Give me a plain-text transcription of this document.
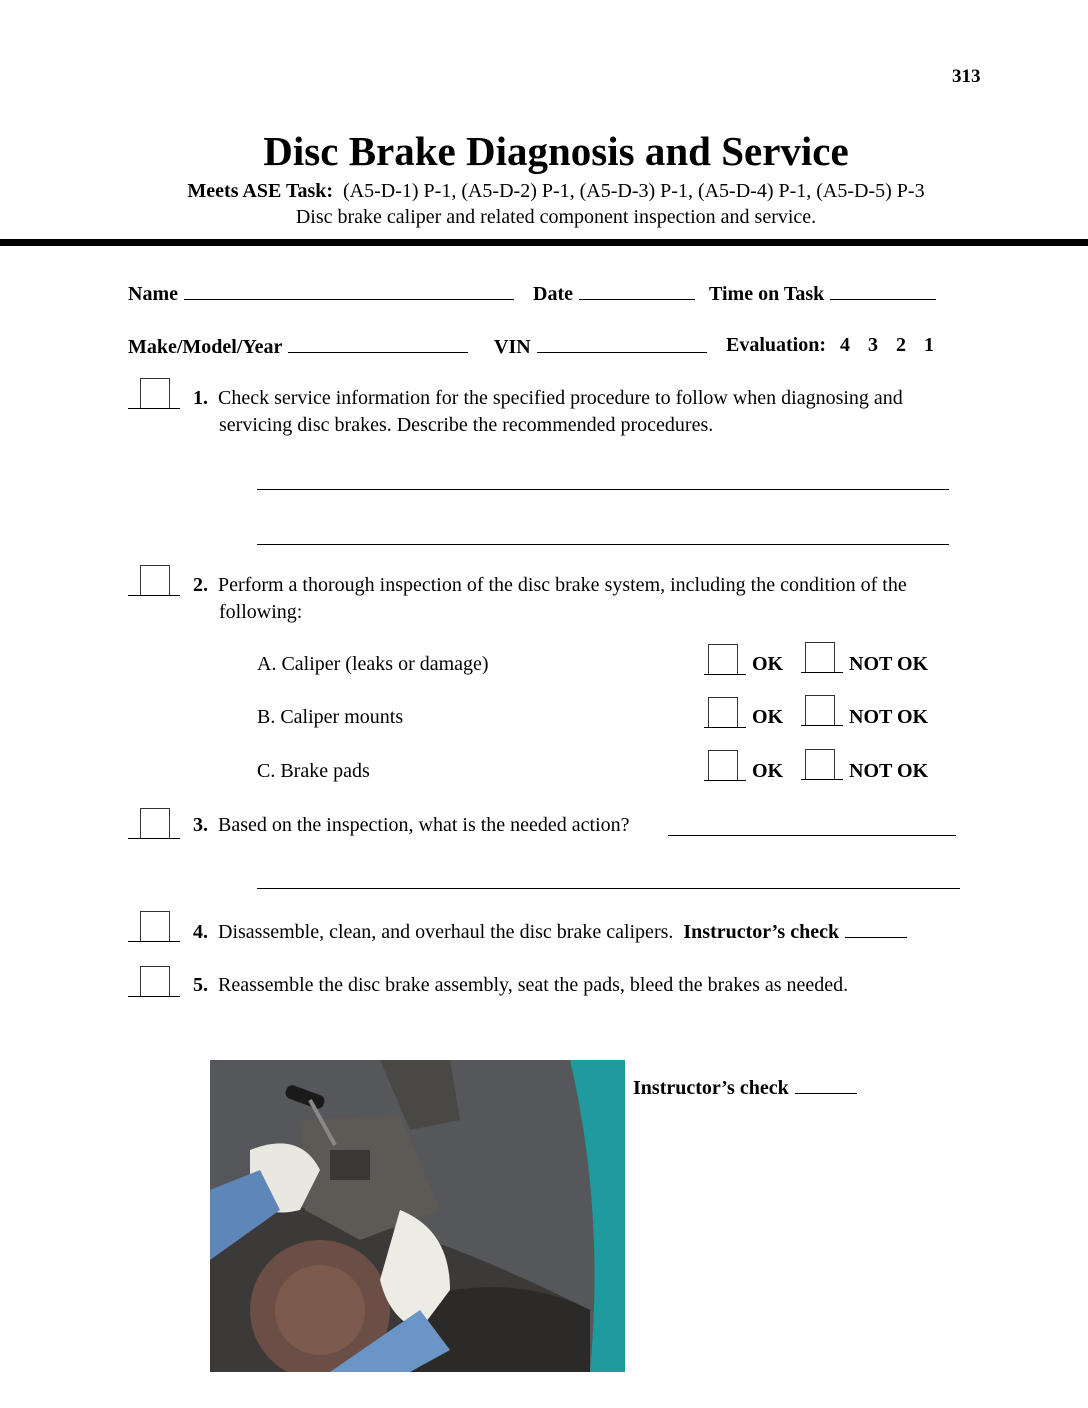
313
Disc Brake Diagnosis and Service
Meets ASE Task: (A5-D-1) P-1, (A5-D-2) P-1, (A5-D-3) P-1, (A5-D-4) P-1, (A5-D-5) P-3
Disc brake caliper and related component inspection and service.
Name	Date	Time on Task
Make/Model/Year	VIN	Evaluation: 4 3 2 1
1. Check service information for the specified procedure to follow when diagnosing and
servicing disc brakes. Describe the recommended procedures.
2. Perform a thorough inspection of the disc brake system, including the condition of the
following:
A. Caliper (leaks or damage)	OK	NOT OK
B. Caliper mounts	OK	NOT OK
C. Brake pads	OK	NOT OK
3. Based on the inspection, what is the needed action?
4. Disassemble, clean, and overhaul the disc brake calipers. Instructor’s check
5. Reassemble the disc brake assembly, seat the pads, bleed the brakes as needed.
Instructor’s check
